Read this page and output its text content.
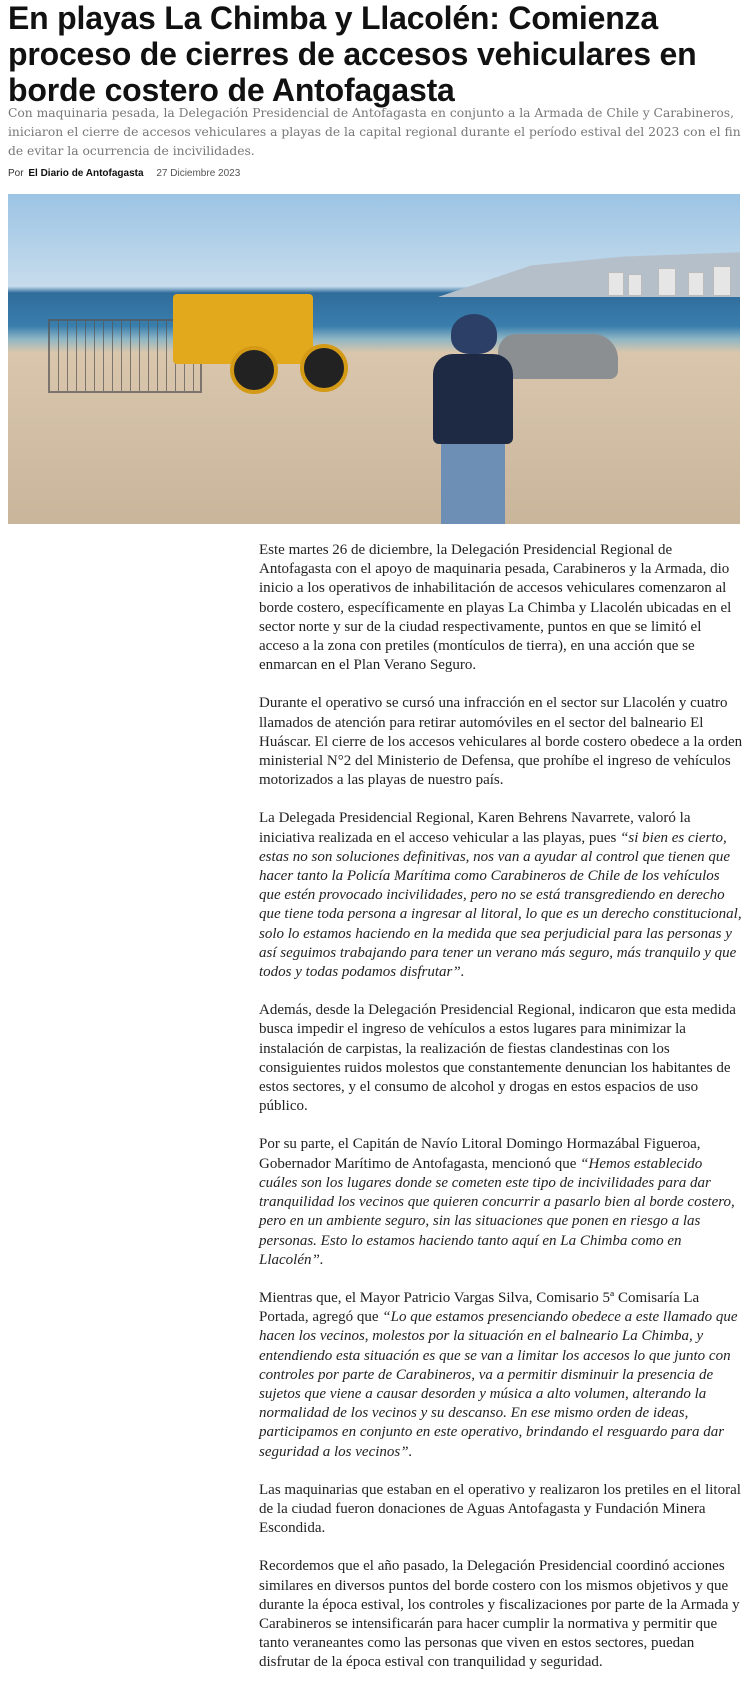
En playas La Chimba y Llacolén: Comienza proceso de cierres de accesos vehiculares en borde costero de Antofagasta

Con maquinaria pesada, la Delegación Presidencial de Antofagasta en conjunto a la Armada de Chile y Carabineros, iniciaron el cierre de accesos vehiculares a playas de la capital regional durante el período estival del 2023 con el fin de evitar la ocurrencia de incivilidades.

Por El Diario de Antofagasta 27 Diciembre 2023

Este martes 26 de diciembre, la Delegación Presidencial Regional de Antofagasta con el apoyo de maquinaria pesada, Carabineros y la Armada, dio inicio a los operativos de inhabilitación de accesos vehiculares comenzaron al borde costero, específicamente en playas La Chimba y Llacolén ubicadas en el sector norte y sur de la ciudad respectivamente, puntos en que se limitó el acceso a la zona con pretiles (montículos de tierra), en una acción que se enmarcan en el Plan Verano Seguro.

Durante el operativo se cursó una infracción en el sector sur Llacolén y cuatro llamados de atención para retirar automóviles en el sector del balneario El Huáscar. El cierre de los accesos vehiculares al borde costero obedece a la orden ministerial N°2 del Ministerio de Defensa, que prohíbe el ingreso de vehículos motorizados a las playas de nuestro país.

La Delegada Presidencial Regional, Karen Behrens Navarrete, valoró la iniciativa realizada en el acceso vehicular a las playas, pues “si bien es cierto, estas no son soluciones definitivas, nos van a ayudar al control que tienen que hacer tanto la Policía Marítima como Carabineros de Chile de los vehículos que estén provocado incivilidades, pero no se está transgrediendo en derecho que tiene toda persona a ingresar al litoral, lo que es un derecho constitucional, solo lo estamos haciendo en la medida que sea perjudicial para las personas y así seguimos trabajando para tener un verano más seguro, más tranquilo y que todos y todas podamos disfrutar”.

Además, desde la Delegación Presidencial Regional, indicaron que esta medida busca impedir el ingreso de vehículos a estos lugares para minimizar la instalación de carpistas, la realización de fiestas clandestinas con los consiguientes ruidos molestos que constantemente denuncian los habitantes de estos sectores, y el consumo de alcohol y drogas en estos espacios de uso público.

Por su parte, el Capitán de Navío Litoral Domingo Hormazábal Figueroa, Gobernador Marítimo de Antofagasta, mencionó que “Hemos establecido cuáles son los lugares donde se cometen este tipo de incivilidades para dar tranquilidad los vecinos que quieren concurrir a pasarlo bien al borde costero, pero en un ambiente seguro, sin las situaciones que ponen en riesgo a las personas. Esto lo estamos haciendo tanto aquí en La Chimba como en Llacolén”.

Mientras que, el Mayor Patricio Vargas Silva, Comisario 5ª Comisaría La Portada, agregó que “Lo que estamos presenciando obedece a este llamado que hacen los vecinos, molestos por la situación en el balneario La Chimba, y entendiendo esta situación es que se van a limitar los accesos lo que junto con controles por parte de Carabineros, va a permitir disminuir la presencia de sujetos que viene a causar desorden y música a alto volumen, alterando la normalidad de los vecinos y su descanso. En ese mismo orden de ideas, participamos en conjunto en este operativo, brindando el resguardo para dar seguridad a los vecinos”.

Las maquinarias que estaban en el operativo y realizaron los pretiles en el litoral de la ciudad fueron donaciones de Aguas Antofagasta y Fundación Minera Escondida.

Recordemos que el año pasado, la Delegación Presidencial coordinó acciones similares en diversos puntos del borde costero con los mismos objetivos y que durante la época estival, los controles y fiscalizaciones por parte de la Armada y Carabineros se intensificarán para hacer cumplir la normativa y permitir que tanto veraneantes como las personas que viven en estos sectores, puedan disfrutar de la época estival con tranquilidad y seguridad.
